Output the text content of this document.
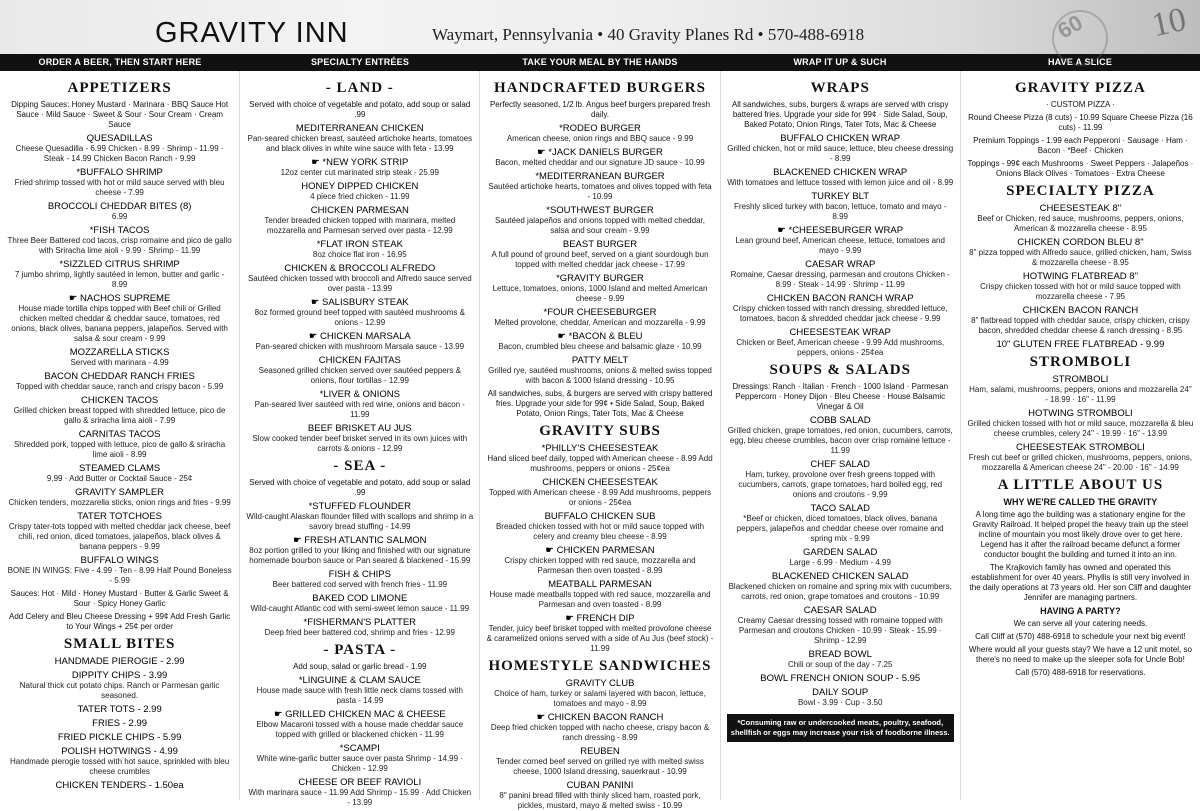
GRAVITY INN	Waymart, Pennsylvania • 40 Gravity Planes Rd • 570-488-6918	60 10
ORDER A BEER, THEN START HERE	SPECIALTY ENTRÉES	TAKE YOUR MEAL BY THE HANDS	WRAP IT UP & SUCH	HAVE A SLICE
APPETIZERS
Dipping Sauces: Honey Mustard · Marinara · BBQ Sauce Hot Sauce · Mild Sauce · Sweet & Sour · Sour Cream · Cream Sauce
QUESADILLAS
Cheese Quesadilla - 6.99 Chicken - 8.99 · Shrimp - 11.99 · Steak - 14.99 Chicken Bacon Ranch - 9.99
*BUFFALO SHRIMP
Fried shrimp tossed with hot or mild sauce served with bleu cheese - 7.99
BROCCOLI CHEDDAR BITES (8)
6.99
*FISH TACOS
Three Beer Battered cod tacos, crisp romaine and pico de gallo with Sriracha lime aioli - 9.99 · Shrimp - 11.99
*SIZZLED CITRUS SHRIMP
7 jumbo shrimp, lightly sautéed in lemon, butter and garlic - 8.99
☛ NACHOS SUPREME
House made tortilla chips topped with Beef chili or Grilled chicken melted cheddar & cheddar sauce, tomatoes, red onions, black olives, banana peppers, jalapeños. Served with salsa & sour cream - 9.99
MOZZARELLA STICKS
Served with marinara - 4.99
BACON CHEDDAR RANCH FRIES
Topped with cheddar sauce, ranch and crispy bacon - 5.99
CHICKEN TACOS
Grilled chicken breast topped with shredded lettuce, pico de gallo & sriracha lima aioli - 7.99
CARNITAS TACOS
Shredded pork, topped with lettuce, pico de gallo & sriracha lime aioli - 8.99
STEAMED CLAMS
9.99 · Add Butter or Cocktail Sauce - 25¢
GRAVITY SAMPLER
Chicken tenders, mozzarella sticks, onion rings and fries - 9.99
TATER TOTCHOES
Crispy tater-tots topped with melted cheddar jack cheese, beef chili, red onion, diced tomatoes, jalapeños, black olives & banana peppers - 9.99
BUFFALO WINGS
BONE IN WINGS: Five - 4.99 · Ten - 8.99 Half Pound Boneless - 5.99
Sauces: Hot · Mild · Honey Mustard · Butter & Garlic Sweet & Sour · Spicy Honey Garlic
Add Celery and Bleu Cheese Dressing + 99¢ Add Fresh Garlic to Your Wings + 25¢ per order
SMALL BITES
HANDMADE PIEROGIE - 2.99
DIPPITY CHIPS - 3.99
Natural thick cut potato chips. Ranch or Parmesan garlic seasoned.
TATER TOTS - 2.99
FRIES - 2.99
FRIED PICKLE CHIPS - 5.99
POLISH HOTWINGS - 4.99
Handmade pierogie tossed with hot sauce, sprinkled with bleu cheese crumbles
CHICKEN TENDERS - 1.50ea
- LAND -
Served with choice of vegetable and potato, add soup or salad .99
MEDITERRANEAN CHICKEN
Pan-seared chicken breast, sautéed artichoke hearts, tomatoes and black olives in white wine sauce with feta - 13.99
☛ *NEW YORK STRIP
12oz center cut marinated strip steak - 25.99
HONEY DIPPED CHICKEN
4 piece fried chicken - 11.99
CHICKEN PARMESAN
Tender breaded chicken topped with marinara, melted mozzarella and Parmesan served over pasta - 12.99
*FLAT IRON STEAK
8oz choice flat iron - 16.95
CHICKEN & BROCCOLI ALFREDO
Sautéed chicken tossed with broccoli and Alfredo sauce served over pasta - 13.99
☛ SALISBURY STEAK
8oz formed ground beef topped with sautéed mushrooms & onions - 12.99
☛ CHICKEN MARSALA
Pan-seared chicken with mushroom Marsala sauce - 13.99
CHICKEN FAJITAS
Seasoned grilled chicken served over sautéed peppers & onions, flour tortillas - 12.99
*LIVER & ONIONS
Pan-seared liver sautéed with red wine, onions and bacon - 11.99
BEEF BRISKET AU JUS
Slow cooked tender beef brisket served in its own juices with carrots & onions - 12.99
- SEA -
Served with choice of vegetable and potato, add soup or salad .99
*STUFFED FLOUNDER
Wild-caught Alaskan flounder filled with scallops and shrimp in a savory bread stuffing - 14.99
☛ FRESH ATLANTIC SALMON
8oz portion grilled to your liking and finished with our signature homemade bourbon sauce or Pan seared & blackened - 15.99
FISH & CHIPS
Beer battered cod served with french fries - 11.99
BAKED COD LIMONE
Wild-caught Atlantic cod with semi-sweet lemon sauce - 11.99
*FISHERMAN'S PLATTER
Deep fried beer battered cod, shrimp and fries - 12.99
- PASTA -
Add soup, salad or garlic bread - 1.99
*LINGUINE & CLAM SAUCE
House made sauce with fresh little neck clams tossed with pasta - 14.99
☛ GRILLED CHICKEN MAC & CHEESE
Elbow Macaroni tossed with a house made cheddar sauce topped with grilled or blackened chicken - 11.99
*SCAMPI
White wine-garlic butter sauce over pasta Shrimp - 14.99 · Chicken - 12.99
CHEESE OR BEEF RAVIOLI
With marinara sauce - 11.99 Add Shrimp - 15.99 · Add Chicken - 13.99
HANDCRAFTED BURGERS
Perfectly seasoned, 1/2 lb. Angus beef burgers prepared fresh daily.
*RODEO BURGER
American cheese, onion rings and BBQ sauce - 9.99
☛ *JACK DANIELS BURGER
Bacon, melted cheddar and our signature JD sauce - 10.99
*MEDITERRANEAN BURGER
Sautéed artichoke hearts, tomatoes and olives topped with feta - 10.99
*SOUTHWEST BURGER
Sautéed jalapeños and onions topped with melted cheddar, salsa and sour cream - 9.99
BEAST BURGER
A full pound of ground beef, served on a giant sourdough bun topped with melted cheddar jack cheese - 17.99
*GRAVITY BURGER
Lettuce, tomatoes, onions, 1000 Island and melted American cheese - 9.99
*FOUR CHEESEBURGER
Melted provolone, cheddar, American and mozzarella - 9.99
☛ *BACON & BLEU
Bacon, crumbled bleu cheese and balsamic glaze - 10.99
PATTY MELT
Grilled rye, sautéed mushrooms, onions & melted swiss topped with bacon & 1000 Island dressing - 10.95
All sandwiches, subs, & burgers are served with crispy battered fries. Upgrade your side for 99¢ • Side Salad, Soup, Baked Potato, Onion Rings, Tater Tots, Mac & Cheese
GRAVITY SUBS
*PHILLY'S CHEESESTEAK
Hand sliced beef daily, topped with American cheese - 8.99 Add mushrooms, peppers or onions - 25¢ea
CHICKEN CHEESESTEAK
Topped with American cheese - 8.99 Add mushrooms, peppers or onions - 25¢ea
BUFFALO CHICKEN SUB
Breaded chicken tossed with hot or mild sauce topped with celery and creamy bleu cheese - 8.99
☛ CHICKEN PARMESAN
Crispy chicken topped with red sauce, mozzarella and Parmesan then oven toasted - 8.99
MEATBALL PARMESAN
House made meatballs topped with red sauce, mozzarella and Parmesan and oven toasted - 8.99
☛ FRENCH DIP
Tender, juicy beef brisket topped with melted provolone cheese & caramelized onions served with a side of Au Jus (beef stock) - 11.99
HOMESTYLE SANDWICHES
GRAVITY CLUB
Choice of ham, turkey or salami layered with bacon, lettuce, tomatoes and mayo - 8.99
☛ CHICKEN BACON RANCH
Deep fried chicken topped with nacho cheese, crispy bacon & ranch dressing - 8.99
REUBEN
Tender corned beef served on grilled rye with melted swiss cheese, 1000 Island dressing, sauerkraut - 10.99
CUBAN PANINI
8" panini bread filled with thinly sliced ham, roasted pork, pickles, mustard, mayo & melted swiss - 10.99
WRAPS
All sandwiches, subs, burgers & wraps are served with crispy battered fries. Upgrade your side for 99¢ · Side Salad, Soup, Baked Potato, Onion Rings, Tater Tots, Mac & Cheese
BUFFALO CHICKEN WRAP
Grilled chicken, hot or mild sauce, lettuce, bleu cheese dressing - 8.99
BLACKENED CHICKEN WRAP
With tomatoes and lettuce tossed with lemon juice and oil - 8.99
TURKEY BLT
Freshly sliced turkey with bacon, lettuce, tomato and mayo - 8.99
☛ *CHEESEBURGER WRAP
Lean ground beef, American cheese, lettuce, tomatoes and mayo - 9.99
CAESAR WRAP
Romaine, Caesar dressing, parmesan and croutons Chicken - 8.99 · Steak - 14.99 · Shrimp - 11.99
CHICKEN BACON RANCH WRAP
Crispy chicken tossed with ranch dressing, shredded lettuce, tomatoes, bacon & shredded cheddar jack cheese - 9.99
CHEESESTEAK WRAP
Chicken or Beef, American cheese - 9.99 Add mushrooms, peppers, onions - 25¢ea
SOUPS & SALADS
Dressings: Ranch · Italian · French · 1000 Island · Parmesan Peppercorn · Honey Dijon · Bleu Cheese · House Balsamic Vinegar & Oil
COBB SALAD
Grilled chicken, grape tomatoes, red onion, cucumbers, carrots, egg, bleu cheese crumbles, bacon over crisp romaine lettuce - 11.99
CHEF SALAD
Ham, turkey, provolone over fresh greens topped with cucumbers, carrots, grape tomatoes, hard boiled egg, red onions and croutons - 9.99
TACO SALAD
*Beef or chicken, diced tomatoes, black olives, banana peppers, jalapeños and cheddar cheese over romaine and spring mix - 9.99
GARDEN SALAD
Large - 6.99 · Medium - 4.99
BLACKENED CHICKEN SALAD
Blackened chicken on romaine and spring mix with cucumbers, carrots, red onion, grape tomatoes and croutons - 10.99
CAESAR SALAD
Creamy Caesar dressing tossed with romaine topped with Parmesan and croutons Chicken - 10.99 · Steak - 15.99 · Shrimp - 12.99
BREAD BOWL
Chili or soup of the day - 7.25
BOWL FRENCH ONION SOUP - 5.95
DAILY SOUP
Bowl - 3.99 · Cup - 3.50
*Consuming raw or undercooked meats, poultry, seafood, shellfish or eggs may increase your risk of foodborne illness.
GRAVITY PIZZA
· CUSTOM PIZZA ·
Round Cheese Pizza (8 cuts) - 10.99 Square Cheese Pizza (16 cuts) - 11.99
Premium Toppings - 1.99 each Pepperoni · Sausage · Ham · Bacon · *Beef · Chicken
Toppings - 99¢ each Mushrooms · Sweet Peppers · Jalapeños · Onions Black Olives · Tomatoes · Extra Cheese
SPECIALTY PIZZA
CHEESESTEAK 8"
Beef or Chicken, red sauce, mushrooms, peppers, onions, American & mozzarella cheese - 8.95
CHICKEN CORDON BLEU 8"
8" pizza topped with Alfredo sauce, grilled chicken, ham, Swiss & mozzarella cheese - 8.95
HOTWING FLATBREAD 8"
Crispy chicken tossed with hot or mild sauce topped with mozzarella cheese - 7.95
CHICKEN BACON RANCH
8" flatbread topped with cheddar sauce, crispy chicken, crispy bacon, shredded cheddar cheese & ranch dressing - 8.95
10" GLUTEN FREE FLATBREAD - 9.99
STROMBOLI
STROMBOLI
Ham, salami, mushrooms, peppers, onions and mozzarella 24" - 18.99 · 16" - 11.99
HOTWING STROMBOLI
Grilled chicken tossed with hot or mild sauce, mozzarella & bleu cheese crumbles, celery 24" - 19.99 · 16" - 13.99
CHEESESTEAK STROMBOLI
Fresh cut beef or grilled chicken, mushrooms, peppers, onions, mozzarella & American cheese 24" - 20.00 · 16" - 14.99
A LITTLE ABOUT US
WHY WE'RE CALLED THE GRAVITY
A long time ago the building was a stationary engine for the Gravity Railroad. It helped propel the heavy train up the steel incline of mountain you most likely drove over to get here. Legend has it after the railroad became defunct a former conductor bought the building and turned it into an inn.
The Krajkovich family has owned and operated this establishment for over 40 years. Phyllis is still very involved in the daily operations at 73 years old. Her son Cliff and daughter Jennifer are managing partners.
HAVING A PARTY?
We can serve all your catering needs.
Call Cliff at (570) 488-6918 to schedule your next big event!
Where would all your guests stay? We have a 12 unit motel, so there's no need to make up the sleeper sofa for Uncle Bob!
Call (570) 488-6918 for reservations.
